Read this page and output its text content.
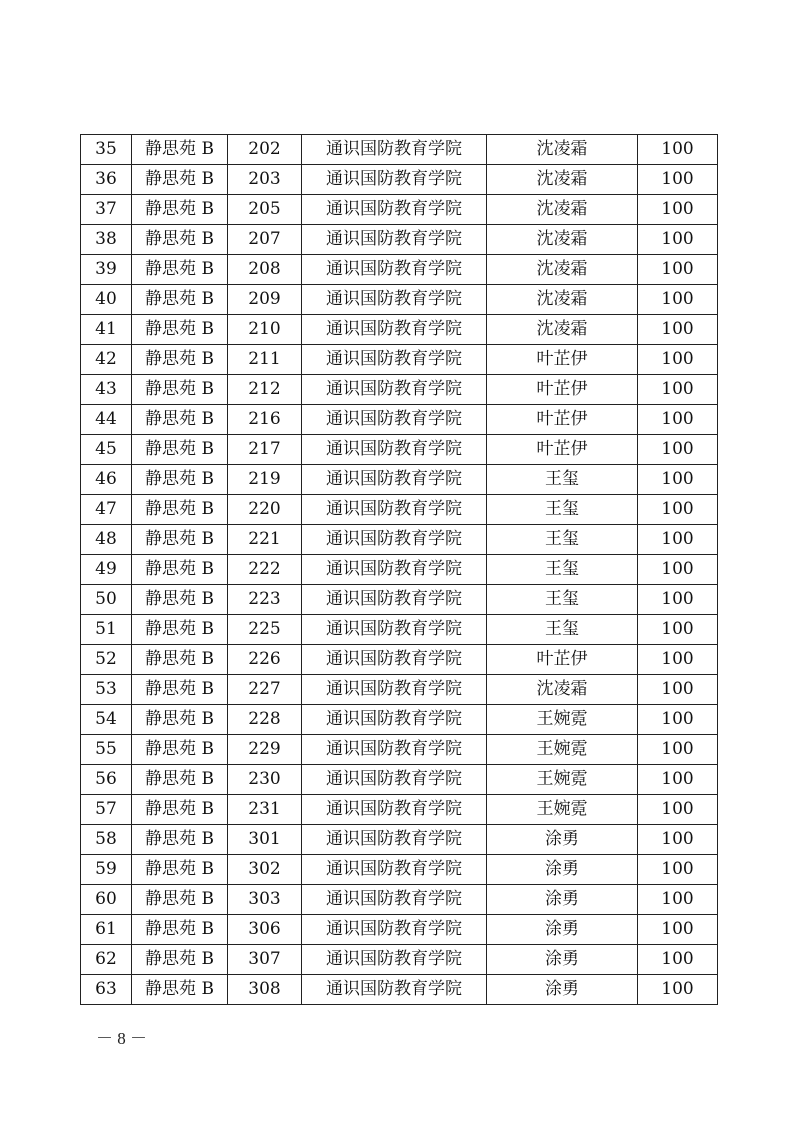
35	静思苑 B	202	通识国防教育学院	沈凌霜	100
36	静思苑 B	203	通识国防教育学院	沈凌霜	100
37	静思苑 B	205	通识国防教育学院	沈凌霜	100
38	静思苑 B	207	通识国防教育学院	沈凌霜	100
39	静思苑 B	208	通识国防教育学院	沈凌霜	100
40	静思苑 B	209	通识国防教育学院	沈凌霜	100
41	静思苑 B	210	通识国防教育学院	沈凌霜	100
42	静思苑 B	211	通识国防教育学院	叶芷伊	100
43	静思苑 B	212	通识国防教育学院	叶芷伊	100
44	静思苑 B	216	通识国防教育学院	叶芷伊	100
45	静思苑 B	217	通识国防教育学院	叶芷伊	100
46	静思苑 B	219	通识国防教育学院	王玺	100
47	静思苑 B	220	通识国防教育学院	王玺	100
48	静思苑 B	221	通识国防教育学院	王玺	100
49	静思苑 B	222	通识国防教育学院	王玺	100
50	静思苑 B	223	通识国防教育学院	王玺	100
51	静思苑 B	225	通识国防教育学院	王玺	100
52	静思苑 B	226	通识国防教育学院	叶芷伊	100
53	静思苑 B	227	通识国防教育学院	沈凌霜	100
54	静思苑 B	228	通识国防教育学院	王婉霓	100
55	静思苑 B	229	通识国防教育学院	王婉霓	100
56	静思苑 B	230	通识国防教育学院	王婉霓	100
57	静思苑 B	231	通识国防教育学院	王婉霓	100
58	静思苑 B	301	通识国防教育学院	涂勇	100
59	静思苑 B	302	通识国防教育学院	涂勇	100
60	静思苑 B	303	通识国防教育学院	涂勇	100
61	静思苑 B	306	通识国防教育学院	涂勇	100
62	静思苑 B	307	通识国防教育学院	涂勇	100
63	静思苑 B	308	通识国防教育学院	涂勇	100
－ 8 －
